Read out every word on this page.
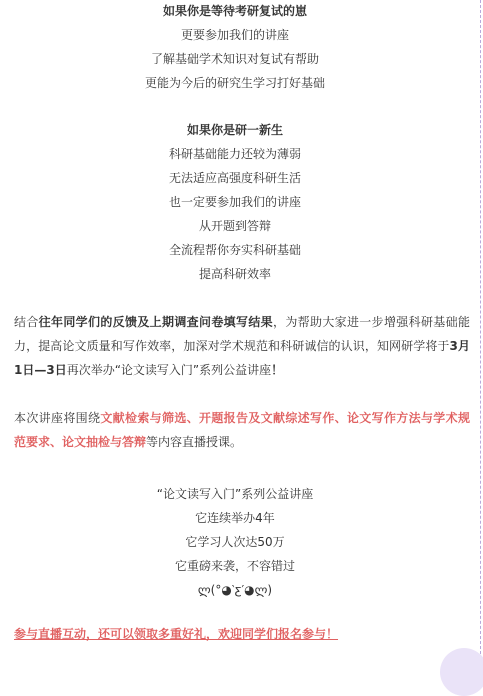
如果你是等待考研复试的崽
更要参加我们的讲座
了解基础学术知识对复试有帮助
更能为今后的研究生学习打好基础
如果你是研一新生
科研基础能力还较为薄弱
无法适应高强度科研生活
也一定要参加我们的讲座
从开题到答辩
全流程帮你夯实科研基础
提高科研效率
结合往年同学们的反馈及上期调查问卷填写结果，为帮助大家进一步增强科研基础能力，提高论文质量和写作效率，加深对学术规范和科研诚信的认识，知网研学将于3月1日—3日再次举办“论文读写入门”系列公益讲座！
本次讲座将围绕文献检索与筛选、开题报告及文献综述写作、论文写作方法与学术规范要求、论文抽检与答辩等内容直播授课。
“论文读写入门”系列公益讲座
它连续举办4年
它学习人次达50万
它重磅来袭，不容错过
ლ(°◕‵ƹ′◕ლ)
参与直播互动，还可以领取多重好礼，欢迎同学们报名参与！
